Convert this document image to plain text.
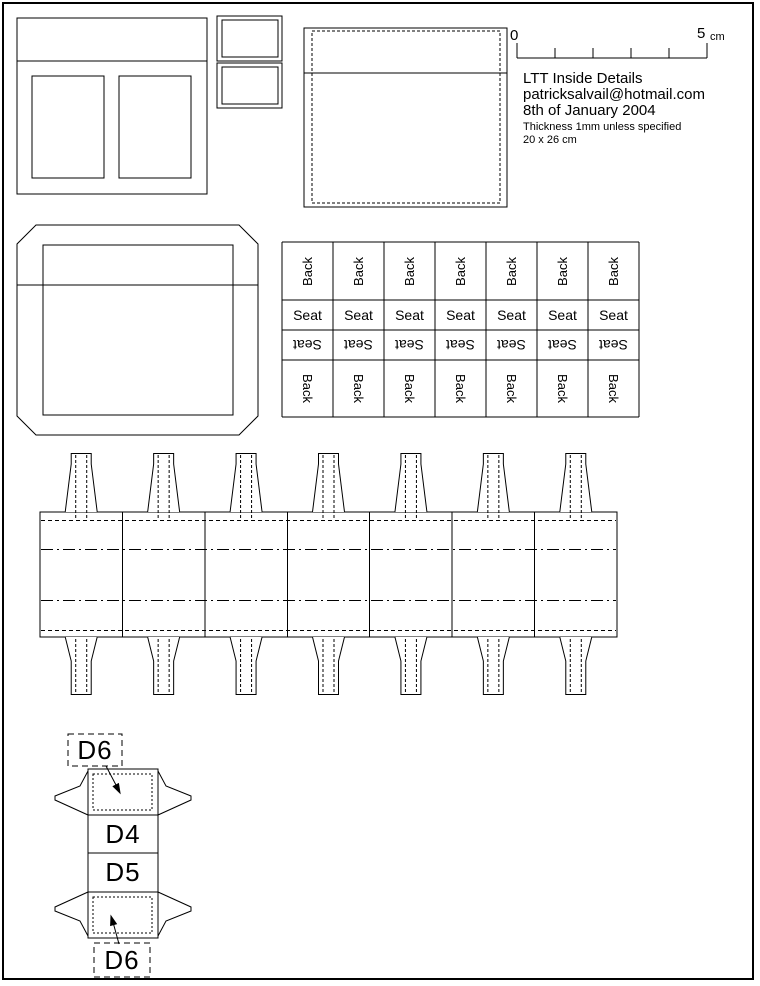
0	5 cm
LTT Inside Details
patricksalvail@hotmail.com
8th of January 2004
Thickness 1mm unless specified
20 x 26 cm
Back	Back	Back	Back	Back	Back	Back
Seat Seat Seat Seat Seat Seat Seat
Seat Seat Seat Seat Seat Seat Seat
Back	Back	Back	Back	Back	Back	Back
D6
D4
D5
D6
